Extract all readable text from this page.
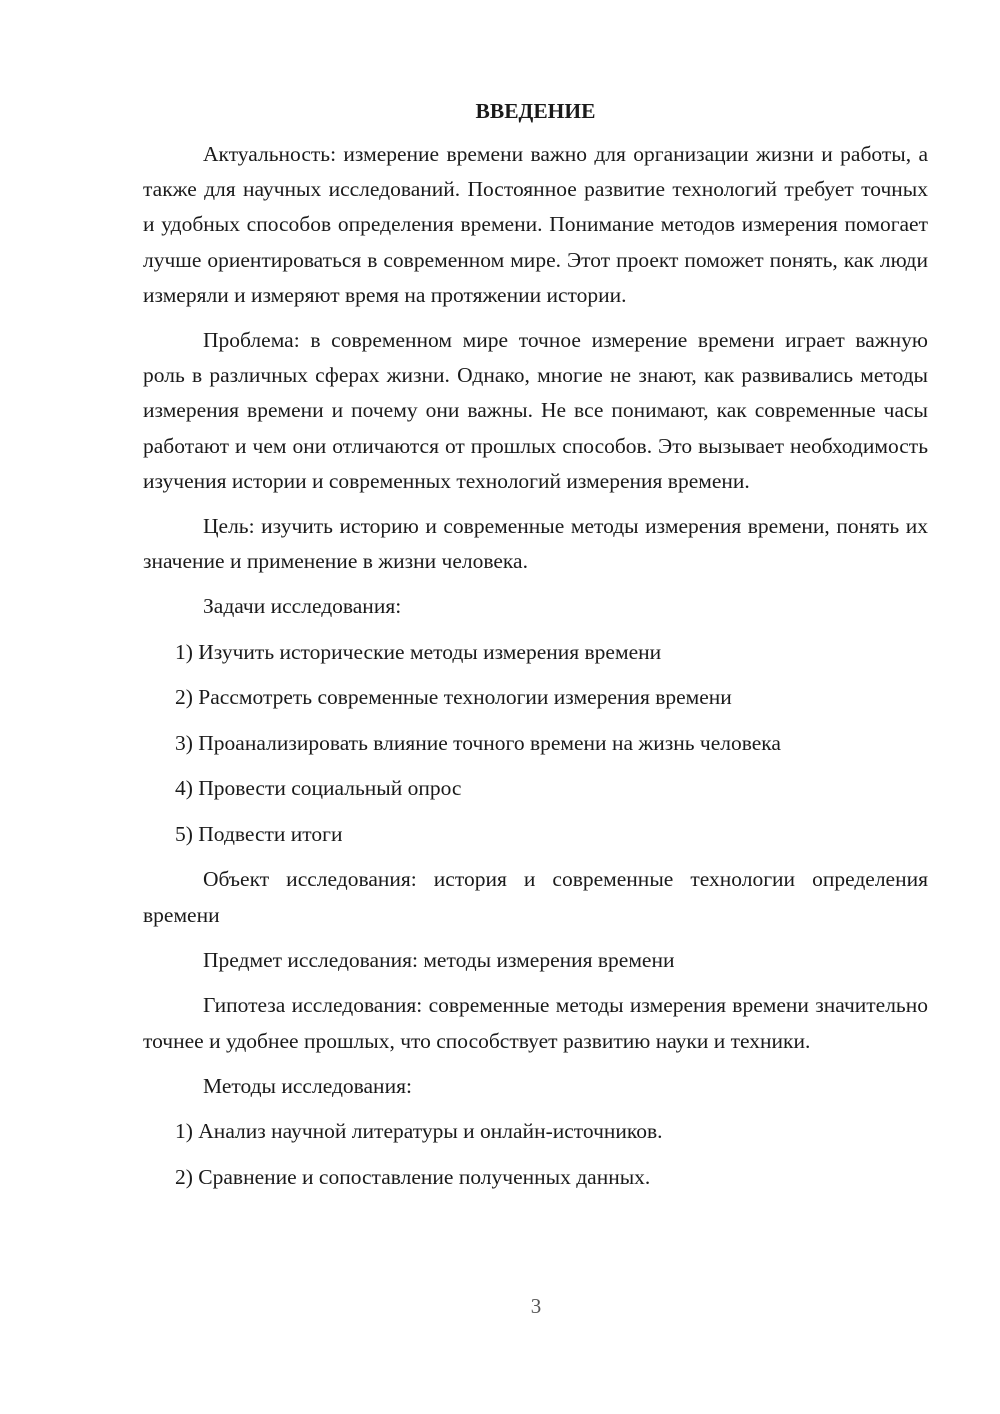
ВВЕДЕНИЕ

Актуальность: измерение времени важно для организации жизни и работы, а также для научных исследований. Постоянное развитие технологий требует точных и удобных способов определения времени. Понимание методов измерения помогает лучше ориентироваться в современном мире. Этот проект поможет понять, как люди измеряли и измеряют время на протяжении истории.

Проблема: в современном мире точное измерение времени играет важную роль в различных сферах жизни. Однако, многие не знают, как развивались методы измерения времени и почему они важны. Не все понимают, как современные часы работают и чем они отличаются от прошлых способов. Это вызывает необходимость изучения истории и современных технологий измерения времени.

Цель: изучить историю и современные методы измерения времени, понять их значение и применение в жизни человека.

Задачи исследования:

1) Изучить исторические методы измерения времени

2) Рассмотреть современные технологии измерения времени

3) Проанализировать влияние точного времени на жизнь человека

4) Провести социальный опрос

5) Подвести итоги

Объект исследования: история и современные технологии определения времени

Предмет исследования: методы измерения времени

Гипотеза исследования: современные методы измерения времени значительно точнее и удобнее прошлых, что способствует развитию науки и техники.

Методы исследования:

1) Анализ научной литературы и онлайн-источников.

2) Сравнение и сопоставление полученных данных.

3
